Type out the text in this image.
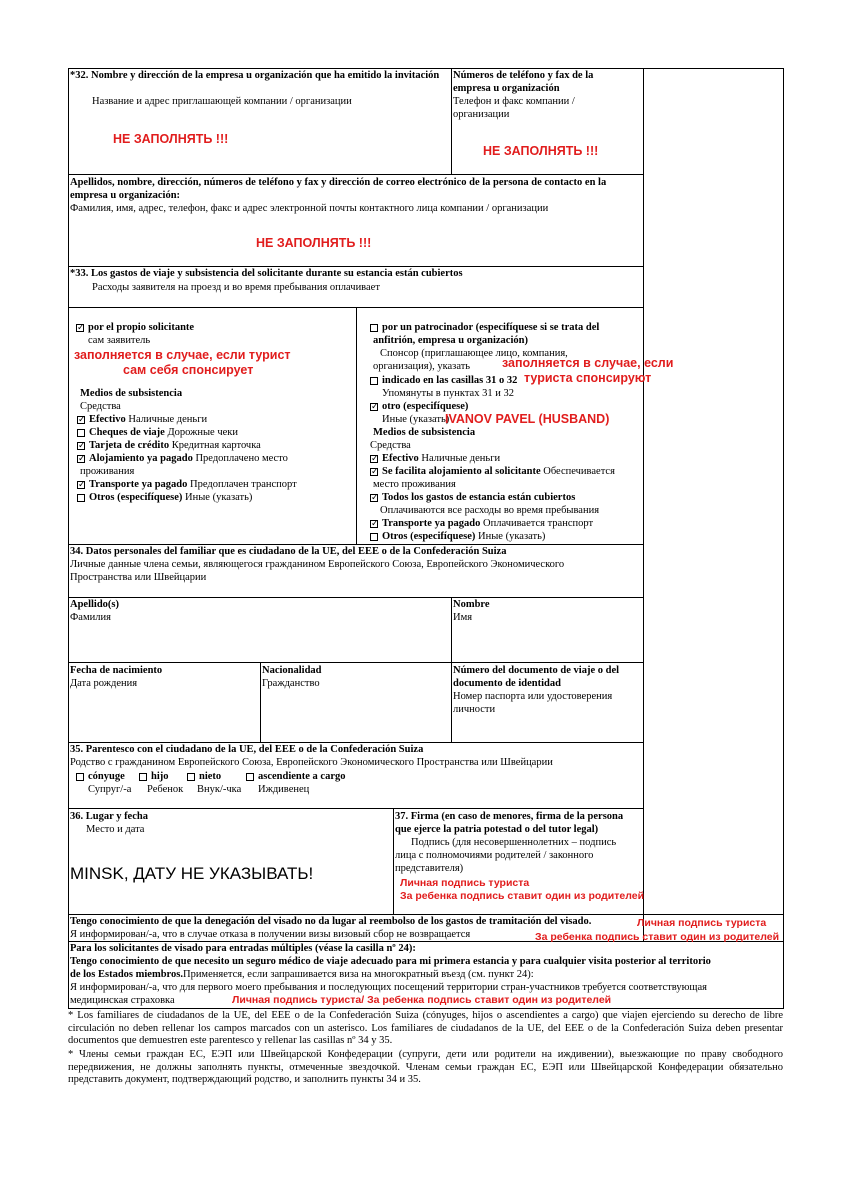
*32. Nombre y dirección de la empresa u organización que ha emitido la invitación
Название и адрес приглашающей компании / организации
НЕ ЗАПОЛНЯТЬ !!!
Números de teléfono y fax de la empresa u organización
Телефон и факс компании / организации
НЕ ЗАПОЛНЯТЬ !!!
Apellidos, nombre, dirección, números de teléfono y fax y dirección de correo electrónico de la persona de contacto en la empresa u organización:
Фамилия, имя, адрес, телефон, факс и адрес электронной почты контактного лица компании / организации
НЕ ЗАПОЛНЯТЬ !!!
*33. Los gastos de viaje y subsistencia del solicitante durante su estancia están cubiertos
Расходы заявителя на проезд и во время пребывания оплачивает
✓ por el propio solicitante
сам заявитель
заполняется в случае, если турист
сам себя спонсирует
Medios de subsistencia
Средства
✓ Efectivo Наличные деньги
Cheques de viaje Дорожные чеки
✓ Tarjeta de crédito Кредитная карточка
✓ Alojamiento ya pagado Предоплачено место
проживания
✓ Transporte ya pagado Предоплачен транспорт
Otros (especifíquese) Иные (указать)
por un patrocinador (especifíquese si se trata del
anfitrión, empresa u organización)
Спонсор (приглашающее лицо, компания,
организация), указать	заполняется в случае, если
туриста спонсируют
indicado en las casillas 31 o 32
Упомянуты в пунктах 31 и 32
✓ otro (especifíquese)
Иные (указать)
IVANOV PAVEL (HUSBAND)
Medios de subsistencia
Средства
✓ Efectivo Наличные деньги
✓ Se facilita alojamiento al solicitante Обеспечивается
место проживания
✓ Todos los gastos de estancia están cubiertos
Оплачиваются все расходы во время пребывания
✓ Transporte ya pagado Оплачивается транспорт
Otros (especifíquese) Иные (указать)
34. Datos personales del familiar que es ciudadano de la UE, del EEE o de la Confederación Suiza
Личные данные члена семьи, являющегося гражданином Европейского Союза, Европейского Экономического
Пространства или Швейцарии
Apellido(s)
Фамилия
Nombre
Имя
Fecha de nacimiento
Дата рождения
Nacionalidad
Гражданство
Número del documento de viaje o del
documento de identidad
Номер паспорта или удостоверения
личности
35. Parentesco con el ciudadano de la UE, del EEE o de la Confederación Suiza
Родство с гражданином Европейского Союза, Европейского Экономического Пространства или Швейцарии
cónyuge	hijo	nieto	ascendiente a cargo
Супруг/-а Ребенок Внук/-чка Иждивенец
36. Lugar y fecha
Место и дата
MINSK, ДАТУ НЕ УКАЗЫВАТЬ!
37. Firma (en caso de menores, firma de la persona
que ejerce la patria potestad o del tutor legal)
Подпись (для несовершеннолетних – подпись
лица с полномочиями родителей / законного
представителя)
Личная подпись туриста
За ребенка подпись ставит один из родителей
Tengo conocimiento de que la denegación del visado no da lugar al reembolso de los gastos de tramitación del visado.
Я информирован/-а, что в случае отказа в получении визы визовый сбор не возвращается
Личная подпись туриста
За ребенка подпись ставит один из родителей
Para los solicitantes de visado para entradas múltiples (véase la casilla nº 24):
Tengo conocimiento de que necesito un seguro médico de viaje adecuado para mi primera estancia y para cualquier visita posterior al territorio
de los Estados miembros.Применяется, если запрашивается виза на многократный въезд (см. пункт 24):
Я информирован/-а, что для первого моего пребывания и последующих посещений территории стран-участников требуется соответствующая
медицинская страховка	Личная подпись туриста/ За ребенка подпись ставит один из родителей
* Los familiares de ciudadanos de la UE, del EEE o de la Confederación Suiza (cónyuges, hijos o ascendientes a cargo) que viajen ejerciendo su derecho de libre circulación no deben rellenar los campos marcados con un asterisco. Los familiares de ciudadanos de la UE, del EEE o de la Confederación Suiza deben presentar documentos que demuestren este parentesco y rellenar las casillas nº 34 y 35.
* Члены семьи граждан ЕС, ЕЭП или Швейцарской Конфедерации (супруги, дети или родители на иждивении), выезжающие по праву свободного передвижения, не должны заполнять пункты, отмеченные звездочкой. Членам семьи граждан ЕС, ЕЭП или Швейцарской Конфедерации обязательно представить документ, подтверждающий родство, и заполнить пункты 34 и 35.
